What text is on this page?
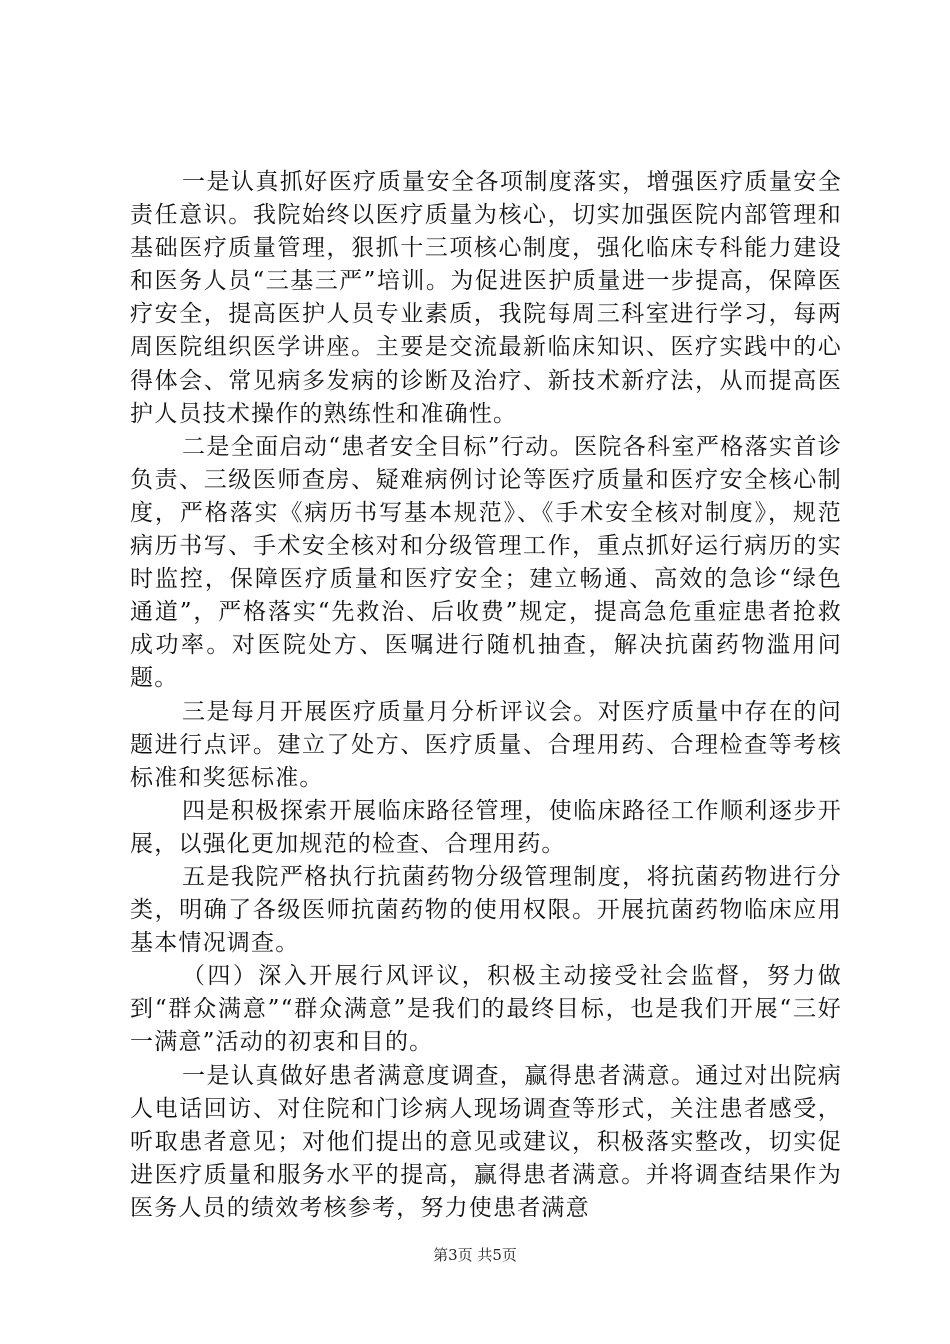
一是认真抓好医疗质量安全各项制度落实，增强医疗质量安全责任意识。我院始终以医疗质量为核心，切实加强医院内部管理和基础医疗质量管理，狠抓十三项核心制度，强化临床专科能力建设和医务人员“三基三严”培训。为促进医护质量进一步提高，保障医疗安全，提高医护人员专业素质，我院每周三科室进行学习，每两周医院组织医学讲座。主要是交流最新临床知识、医疗实践中的心得体会、常见病多发病的诊断及治疗、新技术新疗法，从而提高医护人员技术操作的熟练性和准确性。

二是全面启动“患者安全目标”行动。医院各科室严格落实首诊负责、三级医师查房、疑难病例讨论等医疗质量和医疗安全核心制度，严格落实《病历书写基本规范》、《手术安全核对制度》，规范病历书写、手术安全核对和分级管理工作，重点抓好运行病历的实时监控，保障医疗质量和医疗安全；建立畅通、高效的急诊“绿色通道”，严格落实“先救治、后收费”规定，提高急危重症患者抢救成功率。对医院处方、医嘱进行随机抽查，解决抗菌药物滥用问题。

三是每月开展医疗质量月分析评议会。对医疗质量中存在的问题进行点评。建立了处方、医疗质量、合理用药、合理检查等考核标准和奖惩标准。

四是积极探索开展临床路径管理，使临床路径工作顺利逐步开展，以强化更加规范的检查、合理用药。

五是我院严格执行抗菌药物分级管理制度，将抗菌药物进行分类，明确了各级医师抗菌药物的使用权限。开展抗菌药物临床应用基本情况调查。

（四）深入开展行风评议，积极主动接受社会监督，努力做到“群众满意”“群众满意”是我们的最终目标，也是我们开展“三好一满意”活动的初衷和目的。

一是认真做好患者满意度调查，赢得患者满意。通过对出院病人电话回访、对住院和门诊病人现场调查等形式，关注患者感受，听取患者意见；对他们提出的意见或建议，积极落实整改，切实促进医疗质量和服务水平的提高，赢得患者满意。并将调查结果作为医务人员的绩效考核参考，努力使患者满意

第3页 共5页
